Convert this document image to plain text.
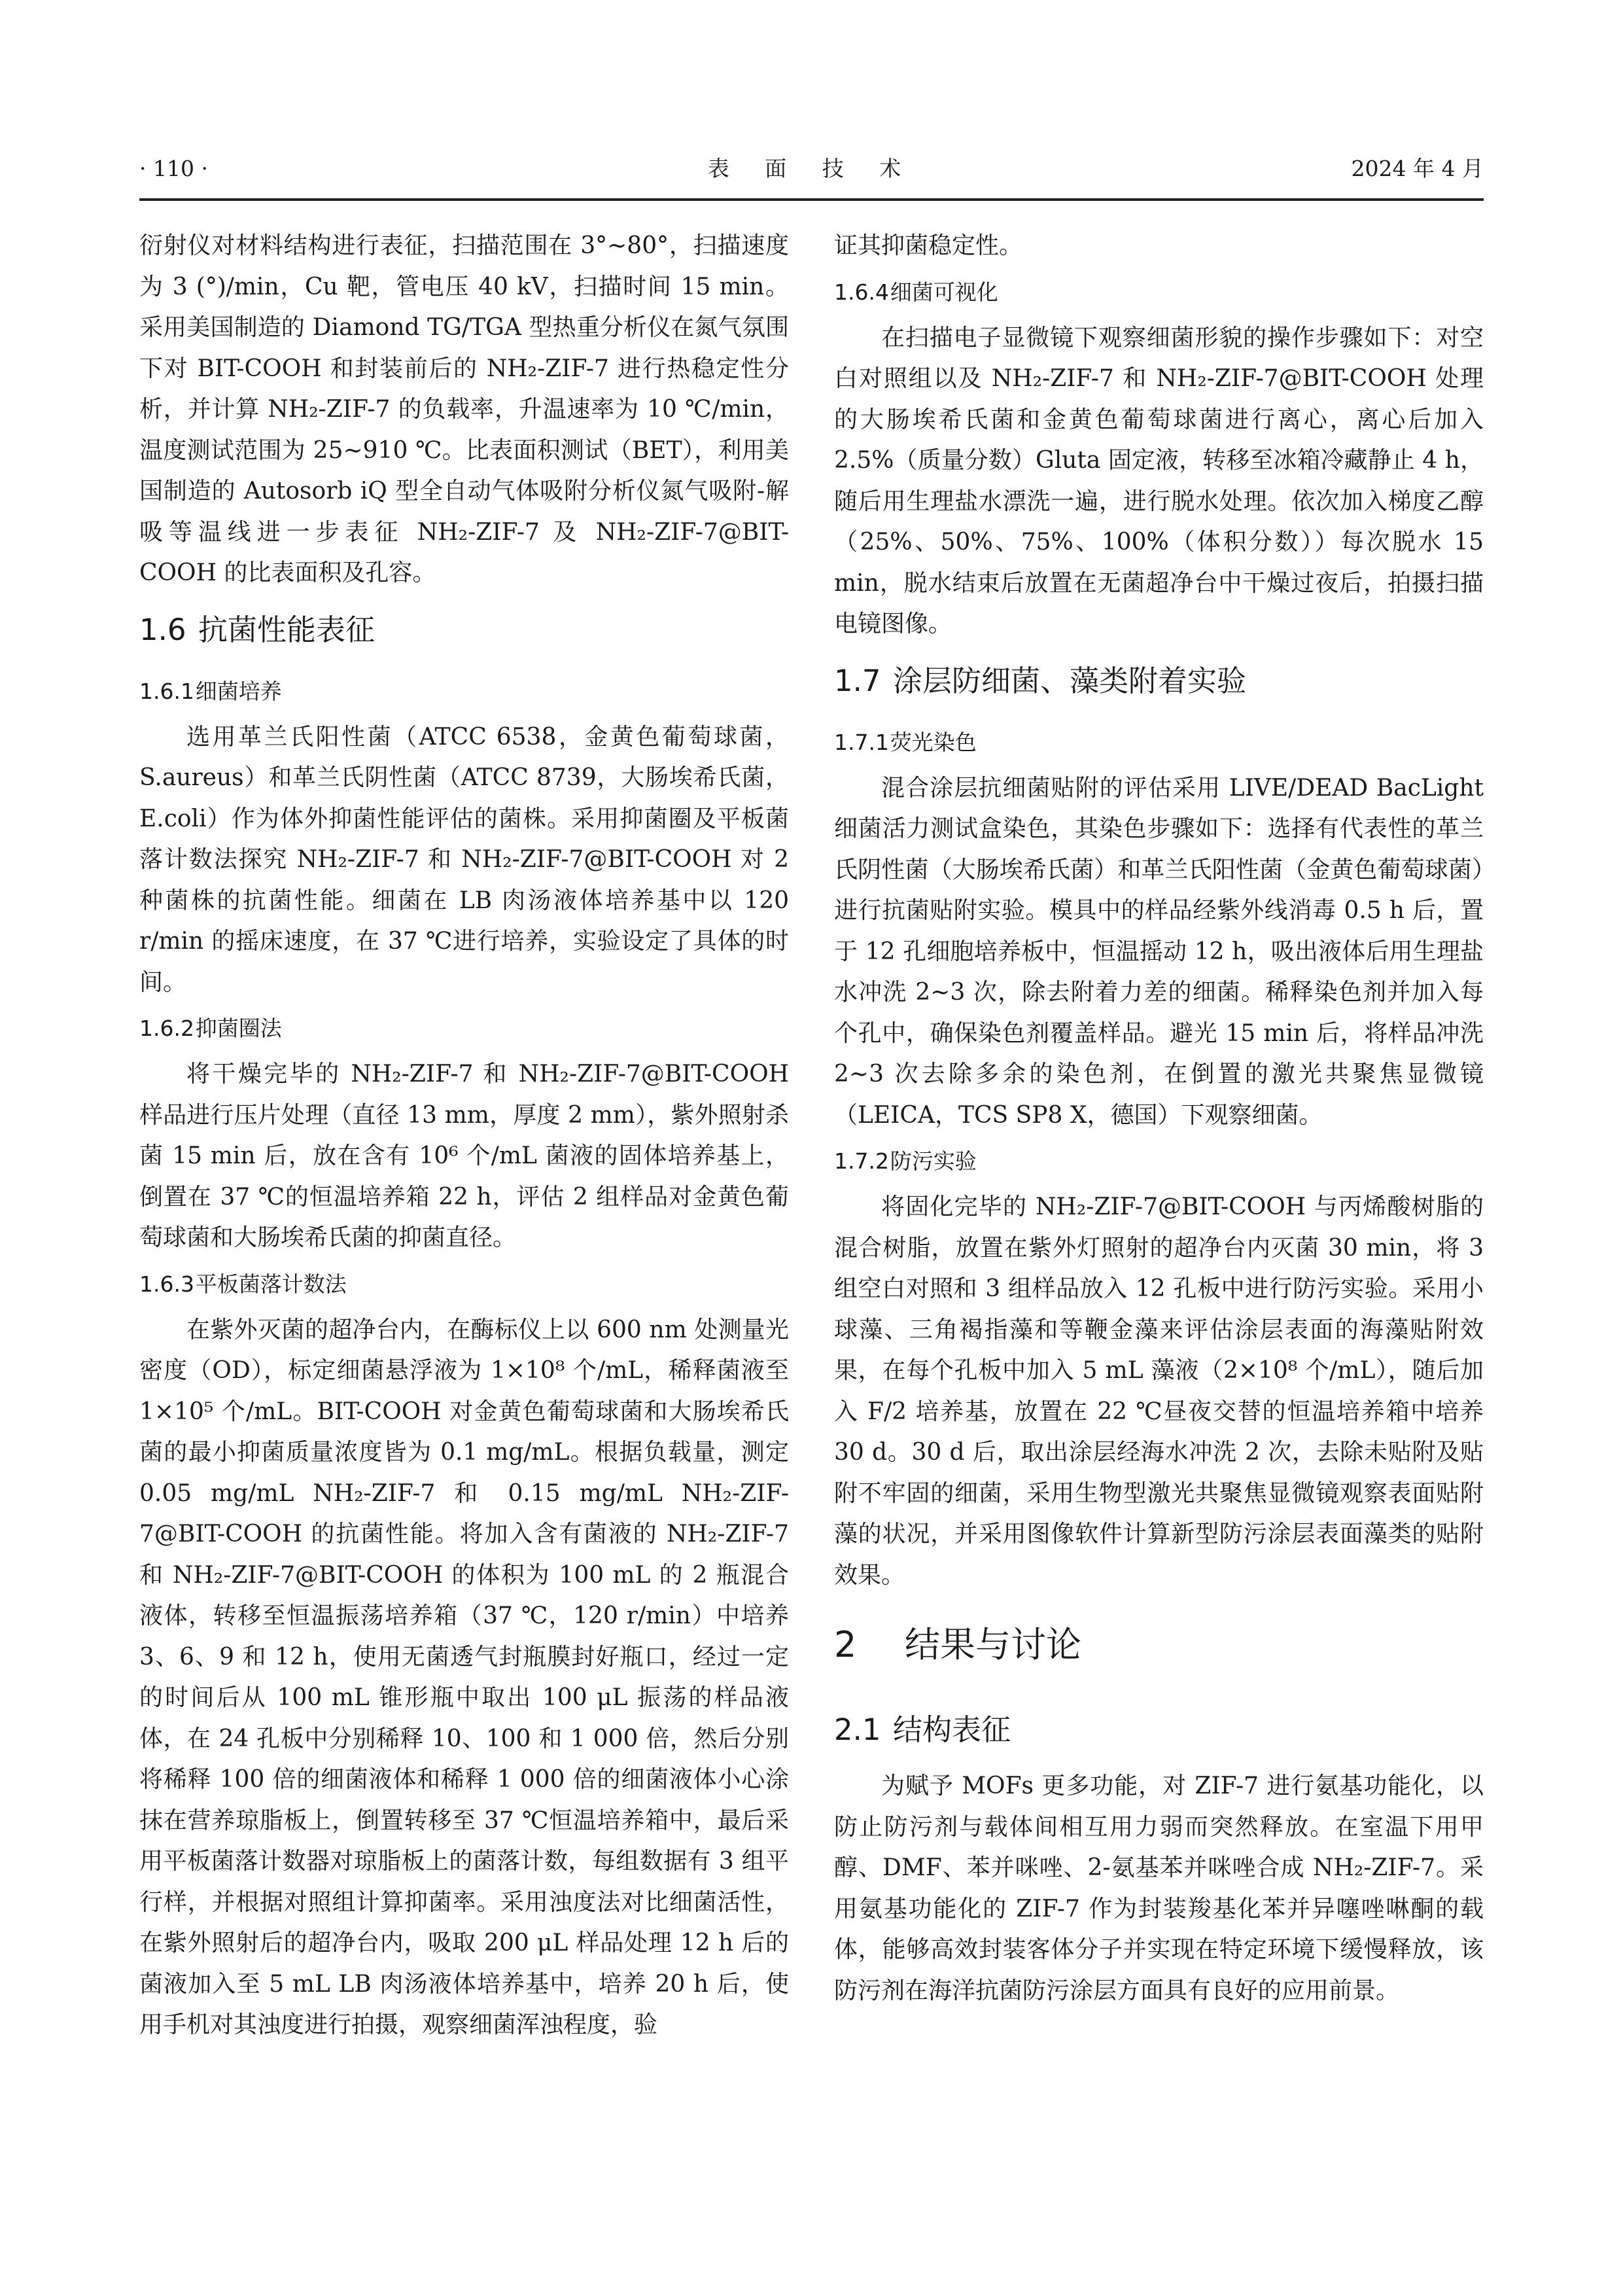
表 面 技 术
· 110 ·	2024 年 4 月

衍射仪对材料结构进行表征，扫描范围在 3°~80°，扫描速度为 3 (°)/min，Cu 靶，管电压 40 kV，扫描时间 15 min。采用美国制造的 Diamond TG/TGA 型热重分析仪在氮气氛围下对 BIT-COOH 和封装前后的 NH₂-ZIF-7 进行热稳定性分析，并计算 NH₂-ZIF-7 的负载率，升温速率为 10 ℃/min，温度测试范围为 25~910 ℃。比表面积测试（BET），利用美国制造的 Autosorb iQ 型全自动气体吸附分析仪氮气吸附-解吸等温线进一步表征 NH₂-ZIF-7 及 NH₂-ZIF-7@BIT-COOH 的比表面积及孔容。

1.6 抗菌性能表征
1.6.1细菌培养

选用革兰氏阳性菌（ATCC 6538，金黄色葡萄球菌，S.aureus）和革兰氏阴性菌（ATCC 8739，大肠埃希氏菌，E.coli）作为体外抑菌性能评估的菌株。采用抑菌圈及平板菌落计数法探究 NH₂-ZIF-7 和 NH₂-ZIF-7@BIT-COOH 对 2 种菌株的抗菌性能。细菌在 LB 肉汤液体培养基中以 120 r/min 的摇床速度，在 37 ℃进行培养，实验设定了具体的时间。

1.6.2抑菌圈法

将干燥完毕的 NH₂-ZIF-7 和 NH₂-ZIF-7@BIT-COOH 样品进行压片处理（直径 13 mm，厚度 2 mm），紫外照射杀菌 15 min 后，放在含有 10⁶ 个/mL 菌液的固体培养基上，倒置在 37 ℃的恒温培养箱 22 h，评估 2 组样品对金黄色葡萄球菌和大肠埃希氏菌的抑菌直径。

1.6.3平板菌落计数法

在紫外灭菌的超净台内，在酶标仪上以 600 nm 处测量光密度（OD），标定细菌悬浮液为 1×10⁸ 个/mL，稀释菌液至 1×10⁵ 个/mL。BIT-COOH 对金黄色葡萄球菌和大肠埃希氏菌的最小抑菌质量浓度皆为 0.1 mg/mL。根据负载量，测定 0.05 mg/mL NH₂-ZIF-7 和 0.15 mg/mL NH₂-ZIF-7@BIT-COOH 的抗菌性能。将加入含有菌液的 NH₂-ZIF-7 和 NH₂-ZIF-7@BIT-COOH 的体积为 100 mL 的 2 瓶混合液体，转移至恒温振荡培养箱（37 ℃，120 r/min）中培养 3、6、9 和 12 h，使用无菌透气封瓶膜封好瓶口，经过一定的时间后从 100 mL 锥形瓶中取出 100 μL 振荡的样品液体，在 24 孔板中分别稀释 10、100 和 1 000 倍，然后分别将稀释 100 倍的细菌液体和稀释 1 000 倍的细菌液体小心涂抹在营养琼脂板上，倒置转移至 37 ℃恒温培养箱中，最后采用平板菌落计数器对琼脂板上的菌落计数，每组数据有 3 组平行样，并根据对照组计算抑菌率。采用浊度法对比细菌活性，在紫外照射后的超净台内，吸取 200 μL 样品处理 12 h 后的菌液加入至 5 mL LB 肉汤液体培养基中，培养 20 h 后，使用手机对其浊度进行拍摄，观察细菌浑浊程度，验

证其抑菌稳定性。

1.6.4细菌可视化

在扫描电子显微镜下观察细菌形貌的操作步骤如下：对空白对照组以及 NH₂-ZIF-7 和 NH₂-ZIF-7@BIT-COOH 处理的大肠埃希氏菌和金黄色葡萄球菌进行离心，离心后加入 2.5%（质量分数）Gluta 固定液，转移至冰箱冷藏静止 4 h，随后用生理盐水漂洗一遍，进行脱水处理。依次加入梯度乙醇（25%、50%、75%、100%（体积分数））每次脱水 15 min，脱水结束后放置在无菌超净台中干燥过夜后，拍摄扫描电镜图像。

1.7 涂层防细菌、藻类附着实验
1.7.1荧光染色

混合涂层抗细菌贴附的评估采用 LIVE/DEAD BacLight 细菌活力测试盒染色，其染色步骤如下：选择有代表性的革兰氏阴性菌（大肠埃希氏菌）和革兰氏阳性菌（金黄色葡萄球菌）进行抗菌贴附实验。模具中的样品经紫外线消毒 0.5 h 后，置于 12 孔细胞培养板中，恒温摇动 12 h，吸出液体后用生理盐水冲洗 2~3 次，除去附着力差的细菌。稀释染色剂并加入每个孔中，确保染色剂覆盖样品。避光 15 min 后，将样品冲洗 2~3 次去除多余的染色剂，在倒置的激光共聚焦显微镜（LEICA，TCS SP8 X，德国）下观察细菌。

1.7.2防污实验

将固化完毕的 NH₂-ZIF-7@BIT-COOH 与丙烯酸树脂的混合树脂，放置在紫外灯照射的超净台内灭菌 30 min，将 3 组空白对照和 3 组样品放入 12 孔板中进行防污实验。采用小球藻、三角褐指藻和等鞭金藻来评估涂层表面的海藻贴附效果，在每个孔板中加入 5 mL 藻液（2×10⁸ 个/mL），随后加入 F/2 培养基，放置在 22 ℃昼夜交替的恒温培养箱中培养 30 d。30 d 后，取出涂层经海水冲洗 2 次，去除未贴附及贴附不牢固的细菌，采用生物型激光共聚焦显微镜观察表面贴附藻的状况，并采用图像软件计算新型防污涂层表面藻类的贴附效果。

2 结果与讨论
2.1 结构表征

为赋予 MOFs 更多功能，对 ZIF-7 进行氨基功能化，以防止防污剂与载体间相互用力弱而突然释放。在室温下用甲醇、DMF、苯并咪唑、2-氨基苯并咪唑合成 NH₂-ZIF-7。采用氨基功能化的 ZIF-7 作为封装羧基化苯并异噻唑啉酮的载体，能够高效封装客体分子并实现在特定环境下缓慢释放，该防污剂在海洋抗菌防污涂层方面具有良好的应用前景。
